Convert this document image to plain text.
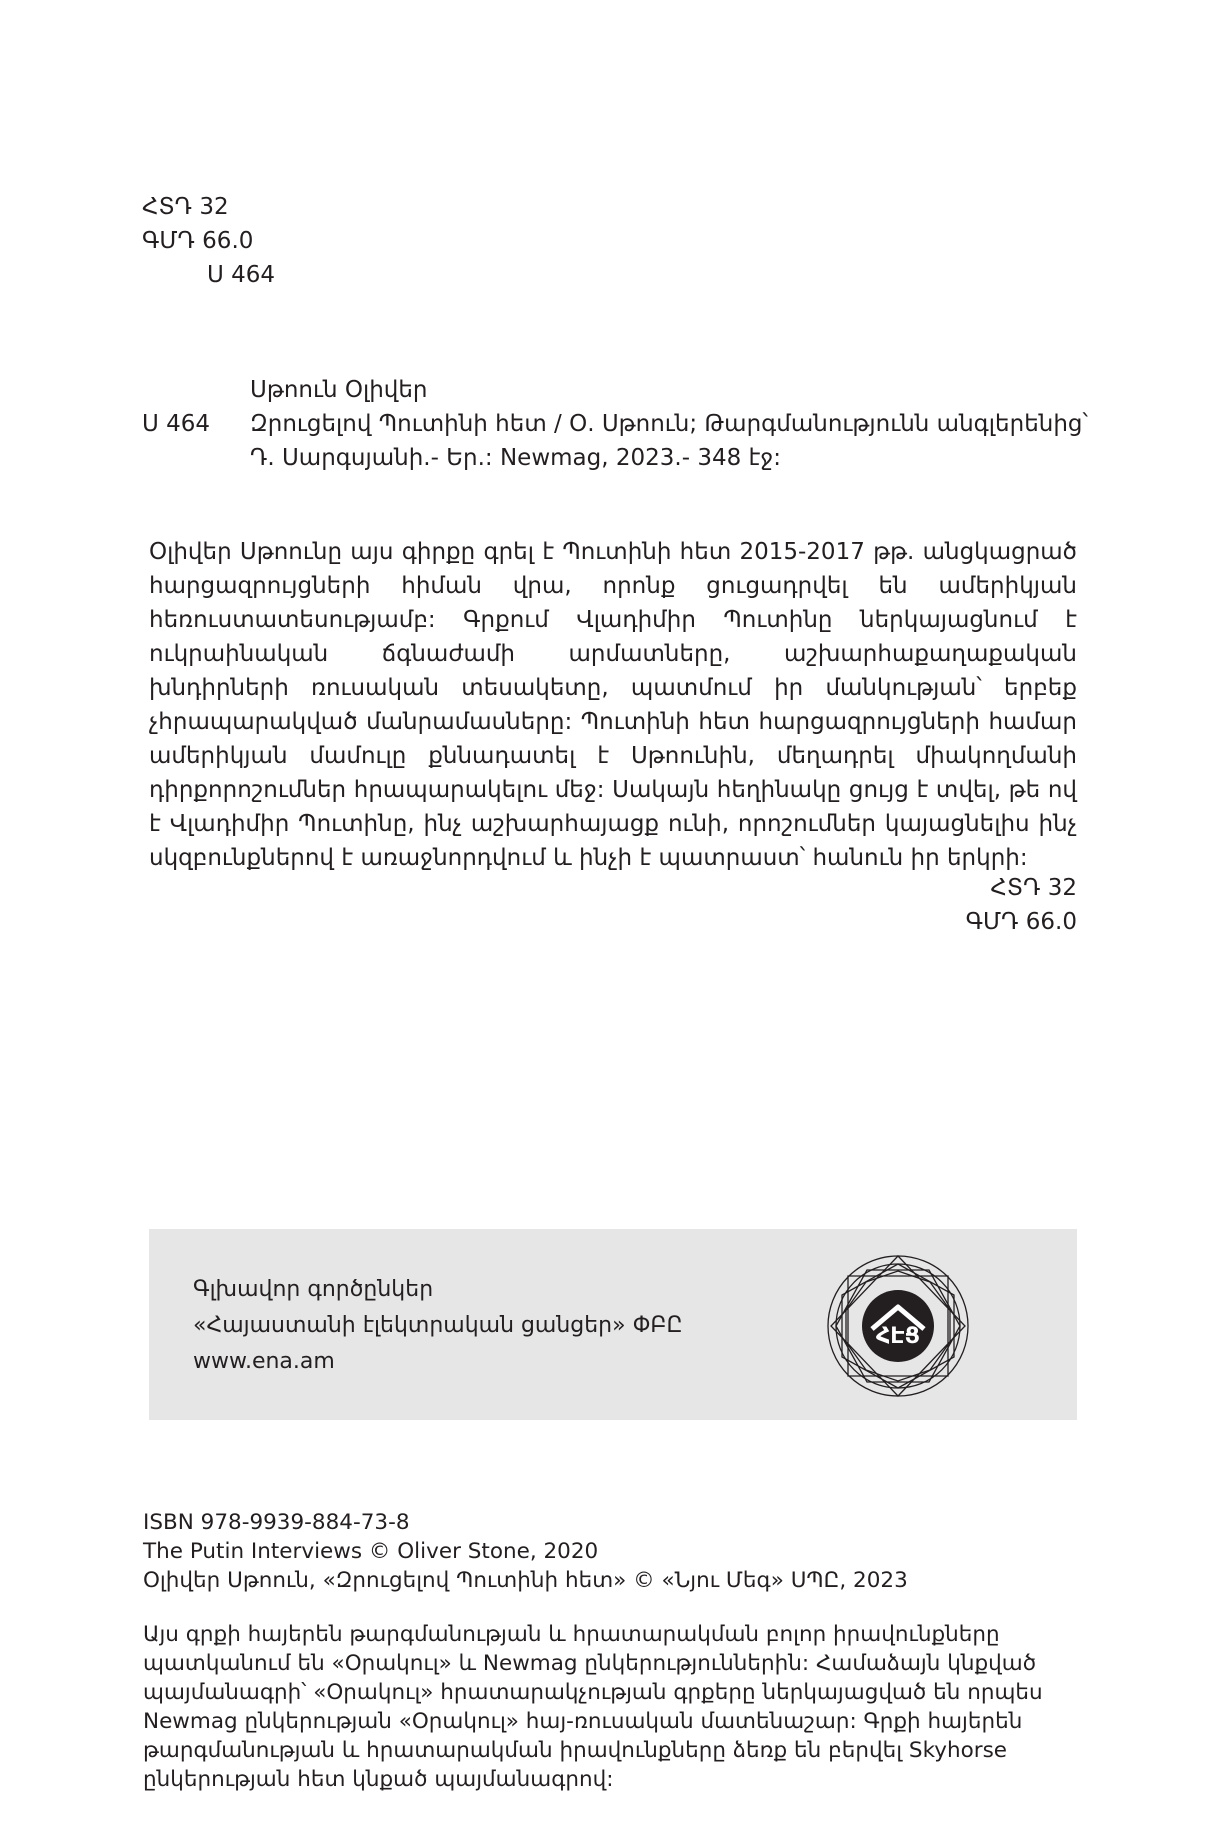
ՀՏԴ 32
ԳՄԴ 66.0
Ս 464
Սթոուն Օլիվեր
Ս 464 Զրուցելով Պուտինի հետ / Օ. Սթոուն; Թարգմանությունն անգլերենից՝
Դ. Սարգսյանի.- Եր.: Newmag, 2023.- 348 էջ:
Օլիվեր Սթոունը այս գիրքը գրել է Պուտինի հետ 2015-2017 թթ. անցկացրած հարցազրույցների հիման վրա, որոնք ցուցադրվել են ամերիկյան հեռուստատեսությամբ: Գրքում Վլադիմիր Պուտինը ներկայացնում է ուկրաինական ճգնաժամի արմատները, աշխարհաքաղաքական խնդիրների ռուսական տեսակետը, պատմում իր մանկության՝ երբեք չհրապարակված մանրամասները: Պուտինի հետ հարցազրույցների համար ամերիկյան մամուլը քննադատել է Սթոունին, մեղադրել միակողմանի դիրքորոշումներ հրապարակելու մեջ: Սակայն հեղինակը ցույց է տվել, թե ով է Վլադիմիր Պուտինը, ինչ աշխարհայացք ունի, որոշումներ կայացնելիս ինչ սկզբունքներով է առաջնորդվում և ինչի է պատրաստ՝ հանուն իր երկրի:
ՀՏԴ 32
ԳՄԴ 66.0
Գլխավոր գործընկեր
«Հայաստանի էլեկտրական ցանցեր» ՓԲԸ
www.ena.am
ՀԷՑ
ISBN 978-9939-884-73-8
The Putin Interviews © Oliver Stone, 2020
Օլիվեր Սթոուն, «Զրուցելով Պուտինի հետ» © «Նյու Մեգ» ՍՊԸ, 2023
Այս գրքի հայերեն թարգմանության և հրատարակման բոլոր իրավունքները պատկանում են «Օրակուլ» և Newmag ընկերություններին: Համաձայն կնքված պայմանագրի՝ «Օրակուլ» հրատարակչության գրքերը ներկայացված են որպես Newmag ընկերության «Օրակուլ» հայ-ռուսական մատենաշար: Գրքի հայերեն թարգմանության և հրատարակման իրավունքները ձեռք են բերվել Skyhorse ընկերության հետ կնքած պայմանագրով:
